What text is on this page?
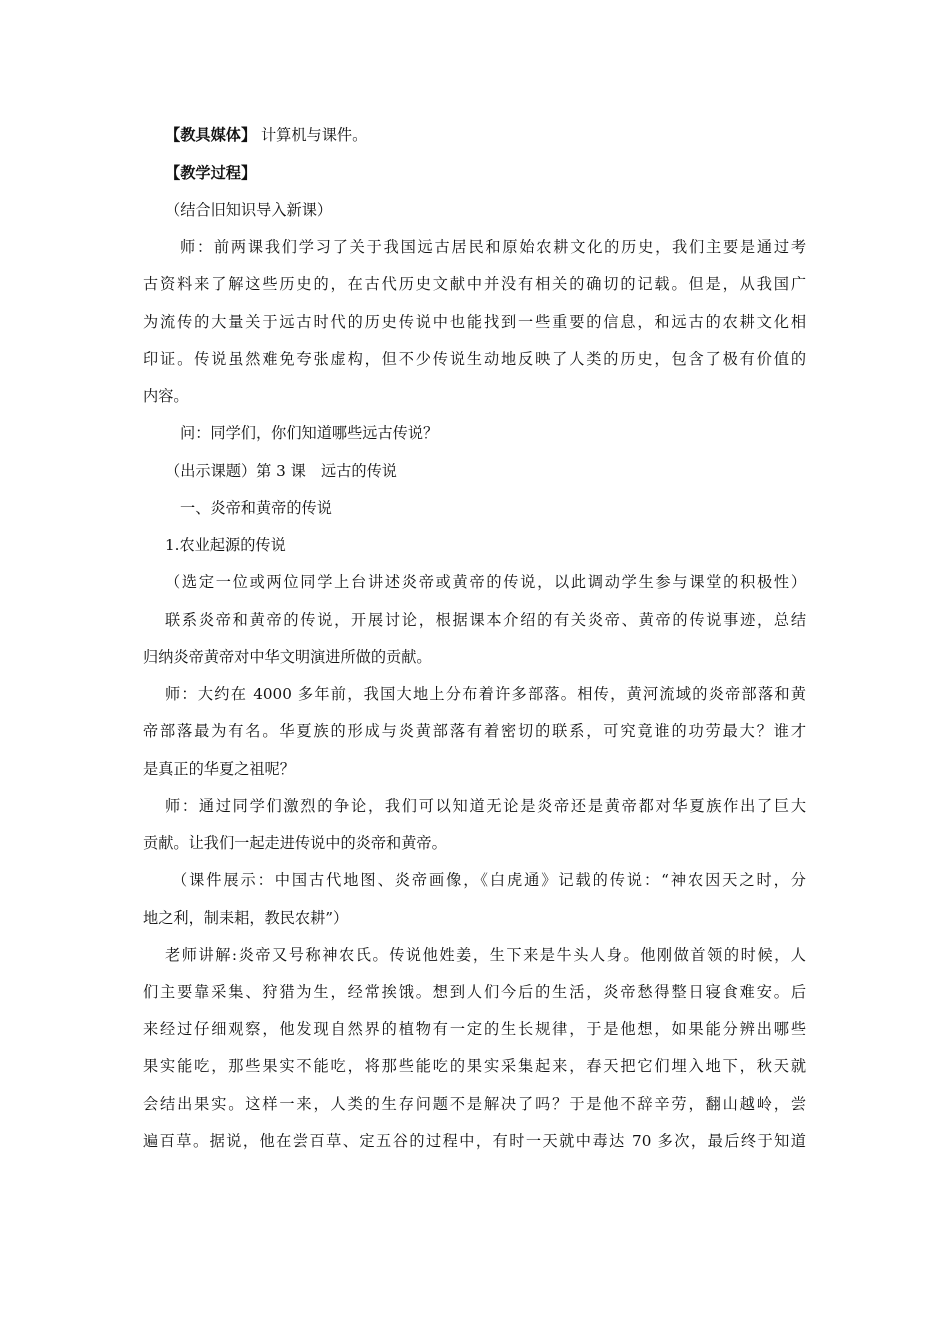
【教具媒体】 计算机与课件。
【教学过程】
（结合旧知识导入新课）
师：前两课我们学习了关于我国远古居民和原始农耕文化的历史，我们主要是通过考
古资料来了解这些历史的，在古代历史文献中并没有相关的确切的记载。但是，从我国广
为流传的大量关于远古时代的历史传说中也能找到一些重要的信息，和远古的农耕文化相
印证。传说虽然难免夸张虚构，但不少传说生动地反映了人类的历史，包含了极有价值的
内容。
问：同学们，你们知道哪些远古传说？
（出示课题）第 3 课　远古的传说
一、炎帝和黄帝的传说
1.农业起源的传说
（选定一位或两位同学上台讲述炎帝或黄帝的传说，以此调动学生参与课堂的积极性）
联系炎帝和黄帝的传说，开展讨论，根据课本介绍的有关炎帝、黄帝的传说事迹，总结
归纳炎帝黄帝对中华文明演进所做的贡献。
师：大约在 4000 多年前，我国大地上分布着许多部落。相传，黄河流域的炎帝部落和黄
帝部落最为有名。华夏族的形成与炎黄部落有着密切的联系，可究竟谁的功劳最大？谁才
是真正的华夏之祖呢？
师：通过同学们激烈的争论，我们可以知道无论是炎帝还是黄帝都对华夏族作出了巨大
贡献。让我们一起走进传说中的炎帝和黄帝。
（课件展示：中国古代地图、炎帝画像，《白虎通》记载的传说：“神农因天之时，分
地之利，制耒耜，教民农耕”）
老师讲解:炎帝又号称神农氏。传说他姓姜，生下来是牛头人身。他刚做首领的时候，人
们主要靠采集、狩猎为生，经常挨饿。想到人们今后的生活，炎帝愁得整日寝食难安。后
来经过仔细观察，他发现自然界的植物有一定的生长规律，于是他想，如果能分辨出哪些
果实能吃，那些果实不能吃，将那些能吃的果实采集起来，春天把它们埋入地下，秋天就
会结出果实。这样一来，人类的生存问题不是解决了吗？于是他不辞辛劳，翻山越岭，尝
遍百草。据说，他在尝百草、定五谷的过程中，有时一天就中毒达 70 多次，最后终于知道
